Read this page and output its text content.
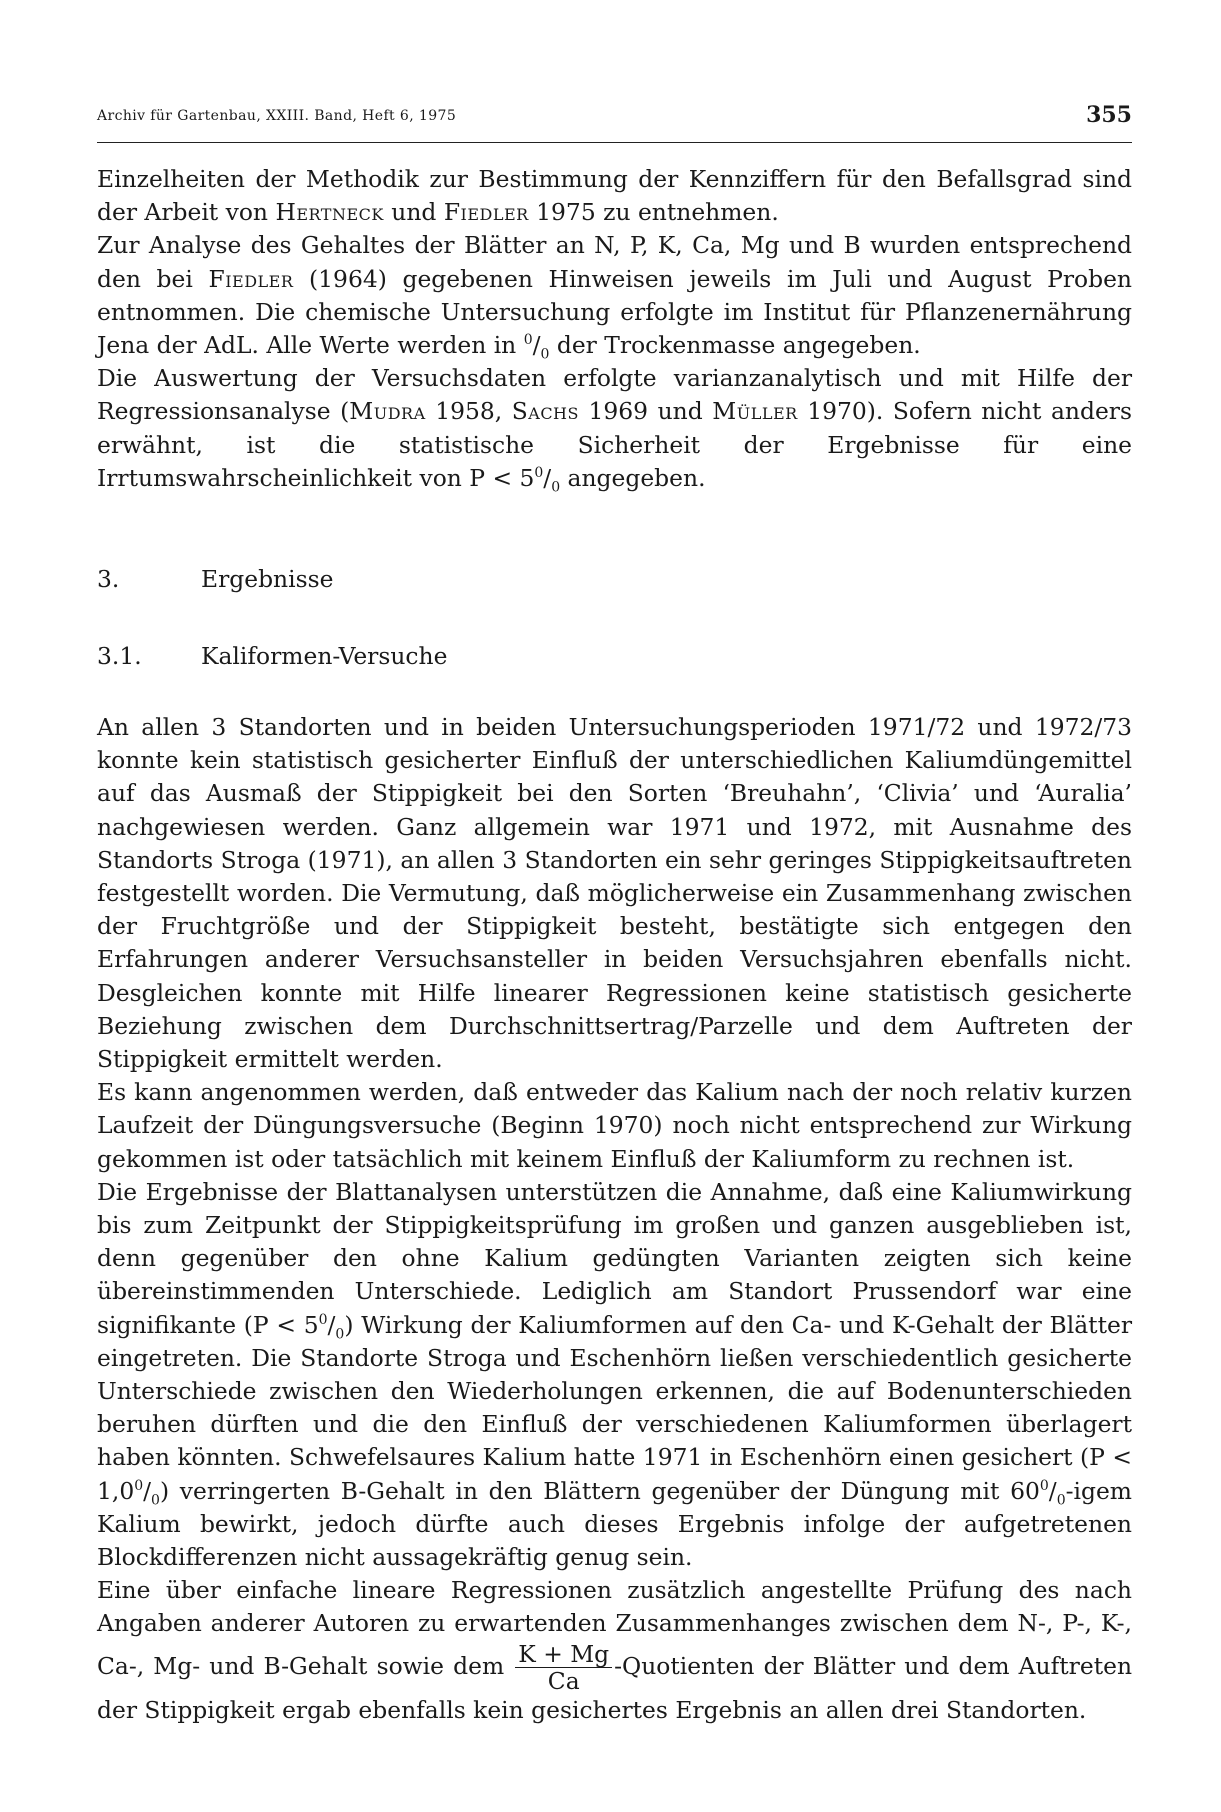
Archiv für Gartenbau, XXIII. Band, Heft 6, 1975	355

Einzelheiten der Methodik zur Bestimmung der Kennziffern für den Befallsgrad sind der Arbeit von Hertneck und Fiedler 1975 zu entnehmen.

Zur Analyse des Gehaltes der Blätter an N, P, K, Ca, Mg und B wurden entsprechend den bei Fiedler (1964) gegebenen Hinweisen jeweils im Juli und August Proben entnommen. Die chemische Untersuchung erfolgte im Institut für Pflanzenernährung Jena der AdL. Alle Werte werden in $^0/_0$ der Trockenmasse angegeben.

Die Auswertung der Versuchsdaten erfolgte varianzanalytisch und mit Hilfe der Regressionsanalyse (Mudra 1958, Sachs 1969 und Müller 1970). Sofern nicht anders erwähnt, ist die statistische Sicherheit der Ergebnisse für eine Irrtumswahrscheinlichkeit von $P < 5^0/_0$ angegeben.

3.	Ergebnisse
3.1.	Kaliformen-Versuche

An allen 3 Standorten und in beiden Untersuchungsperioden 1971/72 und 1972/73 konnte kein statistisch gesicherter Einfluß der unterschiedlichen Kaliumdüngemittel auf das Ausmaß der Stippigkeit bei den Sorten ‘Breuhahn’, ‘Clivia’ und ‘Auralia’ nachgewiesen werden. Ganz allgemein war 1971 und 1972, mit Ausnahme des Standorts Stroga (1971), an allen 3 Standorten ein sehr geringes Stippigkeitsauftreten festgestellt worden. Die Vermutung, daß möglicherweise ein Zusammenhang zwischen der Fruchtgröße und der Stippigkeit besteht, bestätigte sich entgegen den Erfahrungen anderer Versuchsansteller in beiden Versuchsjahren ebenfalls nicht. Desgleichen konnte mit Hilfe linearer Regressionen keine statistisch gesicherte Beziehung zwischen dem Durchschnittsertrag/Parzelle und dem Auftreten der Stippigkeit ermittelt werden.

Es kann angenommen werden, daß entweder das Kalium nach der noch relativ kurzen Laufzeit der Düngungsversuche (Beginn 1970) noch nicht entsprechend zur Wirkung gekommen ist oder tatsächlich mit keinem Einfluß der Kaliumform zu rechnen ist.

Die Ergebnisse der Blattanalysen unterstützen die Annahme, daß eine Kaliumwirkung bis zum Zeitpunkt der Stippigkeitsprüfung im großen und ganzen ausgeblieben ist, denn gegenüber den ohne Kalium gedüngten Varianten zeigten sich keine übereinstimmenden Unterschiede. Lediglich am Standort Prussendorf war eine signifikante $(P < 5^0/_0)$ Wirkung der Kaliumformen auf den Ca- und K-Gehalt der Blätter eingetreten. Die Standorte Stroga und Eschenhörn ließen verschiedentlich gesicherte Unterschiede zwischen den Wiederholungen erkennen, die auf Bodenunterschieden beruhen dürften und die den Einfluß der verschiedenen Kaliumformen überlagert haben könnten. Schwefelsaures Kalium hatte 1971 in Eschenhörn einen gesichert $(P < 1,0^0/_0)$ verringerten B-Gehalt in den Blättern gegenüber der Düngung mit $60^0/_0$-igem Kalium bewirkt, jedoch dürfte auch dieses Ergebnis infolge der aufgetretenen Blockdifferenzen nicht aussagekräftig genug sein.

Eine über einfache lineare Regressionen zusätzlich angestellte Prüfung des nach Angaben anderer Autoren zu erwartenden Zusammenhanges zwischen dem N-, P-, K-, Ca-, Mg- und B-Gehalt sowie dem $\frac{K + Mg}{Ca}$ -Quotienten der Blätter und dem Auftreten der Stippigkeit ergab ebenfalls kein gesichertes Ergebnis an allen drei Standorten.
